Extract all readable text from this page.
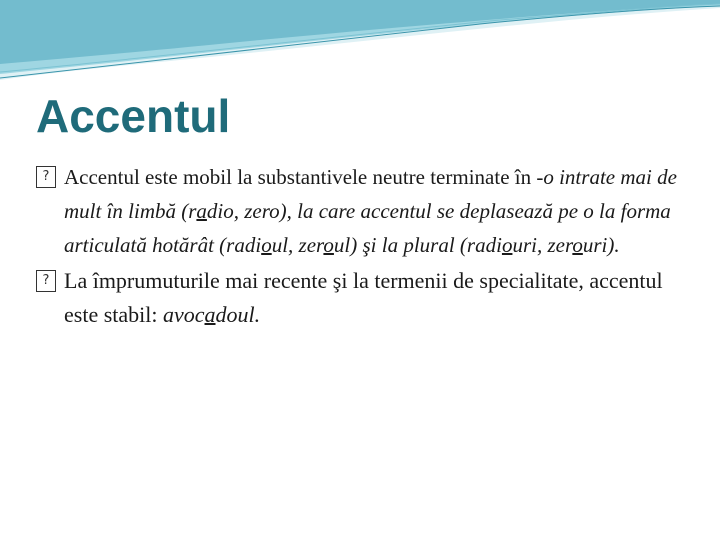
Accentul

? Accentul este mobil la substantivele neutre terminate în -o intrate mai de mult în limbă (radio, zero), la care accentul se deplasează pe o la forma articulată hotărât (radioul, zeroul) şi la plural (radiouri, zerouri).

? La împrumuturile mai recente şi la termenii de specialitate, accentul este stabil: avocadoul.
